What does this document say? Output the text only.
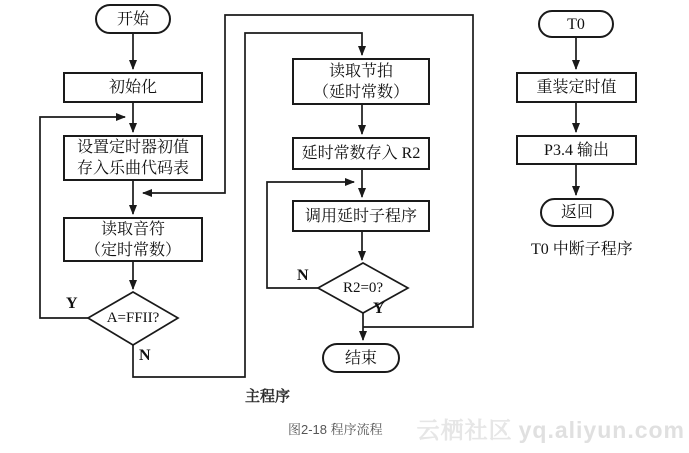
开始
初始化
设置定时器初值
存入乐曲代码表
读取音符
（定时常数）
A=FFII?
读取节拍
（延时常数）
延时常数存入 R2
调用延时子程序
R2=0?
结束
Y
N
N
Y
T0
重装定时值
P3.4 输出
返回
T0 中断子程序
主程序
图2-18 程序流程 云栖社区 yq.aliyun.com
